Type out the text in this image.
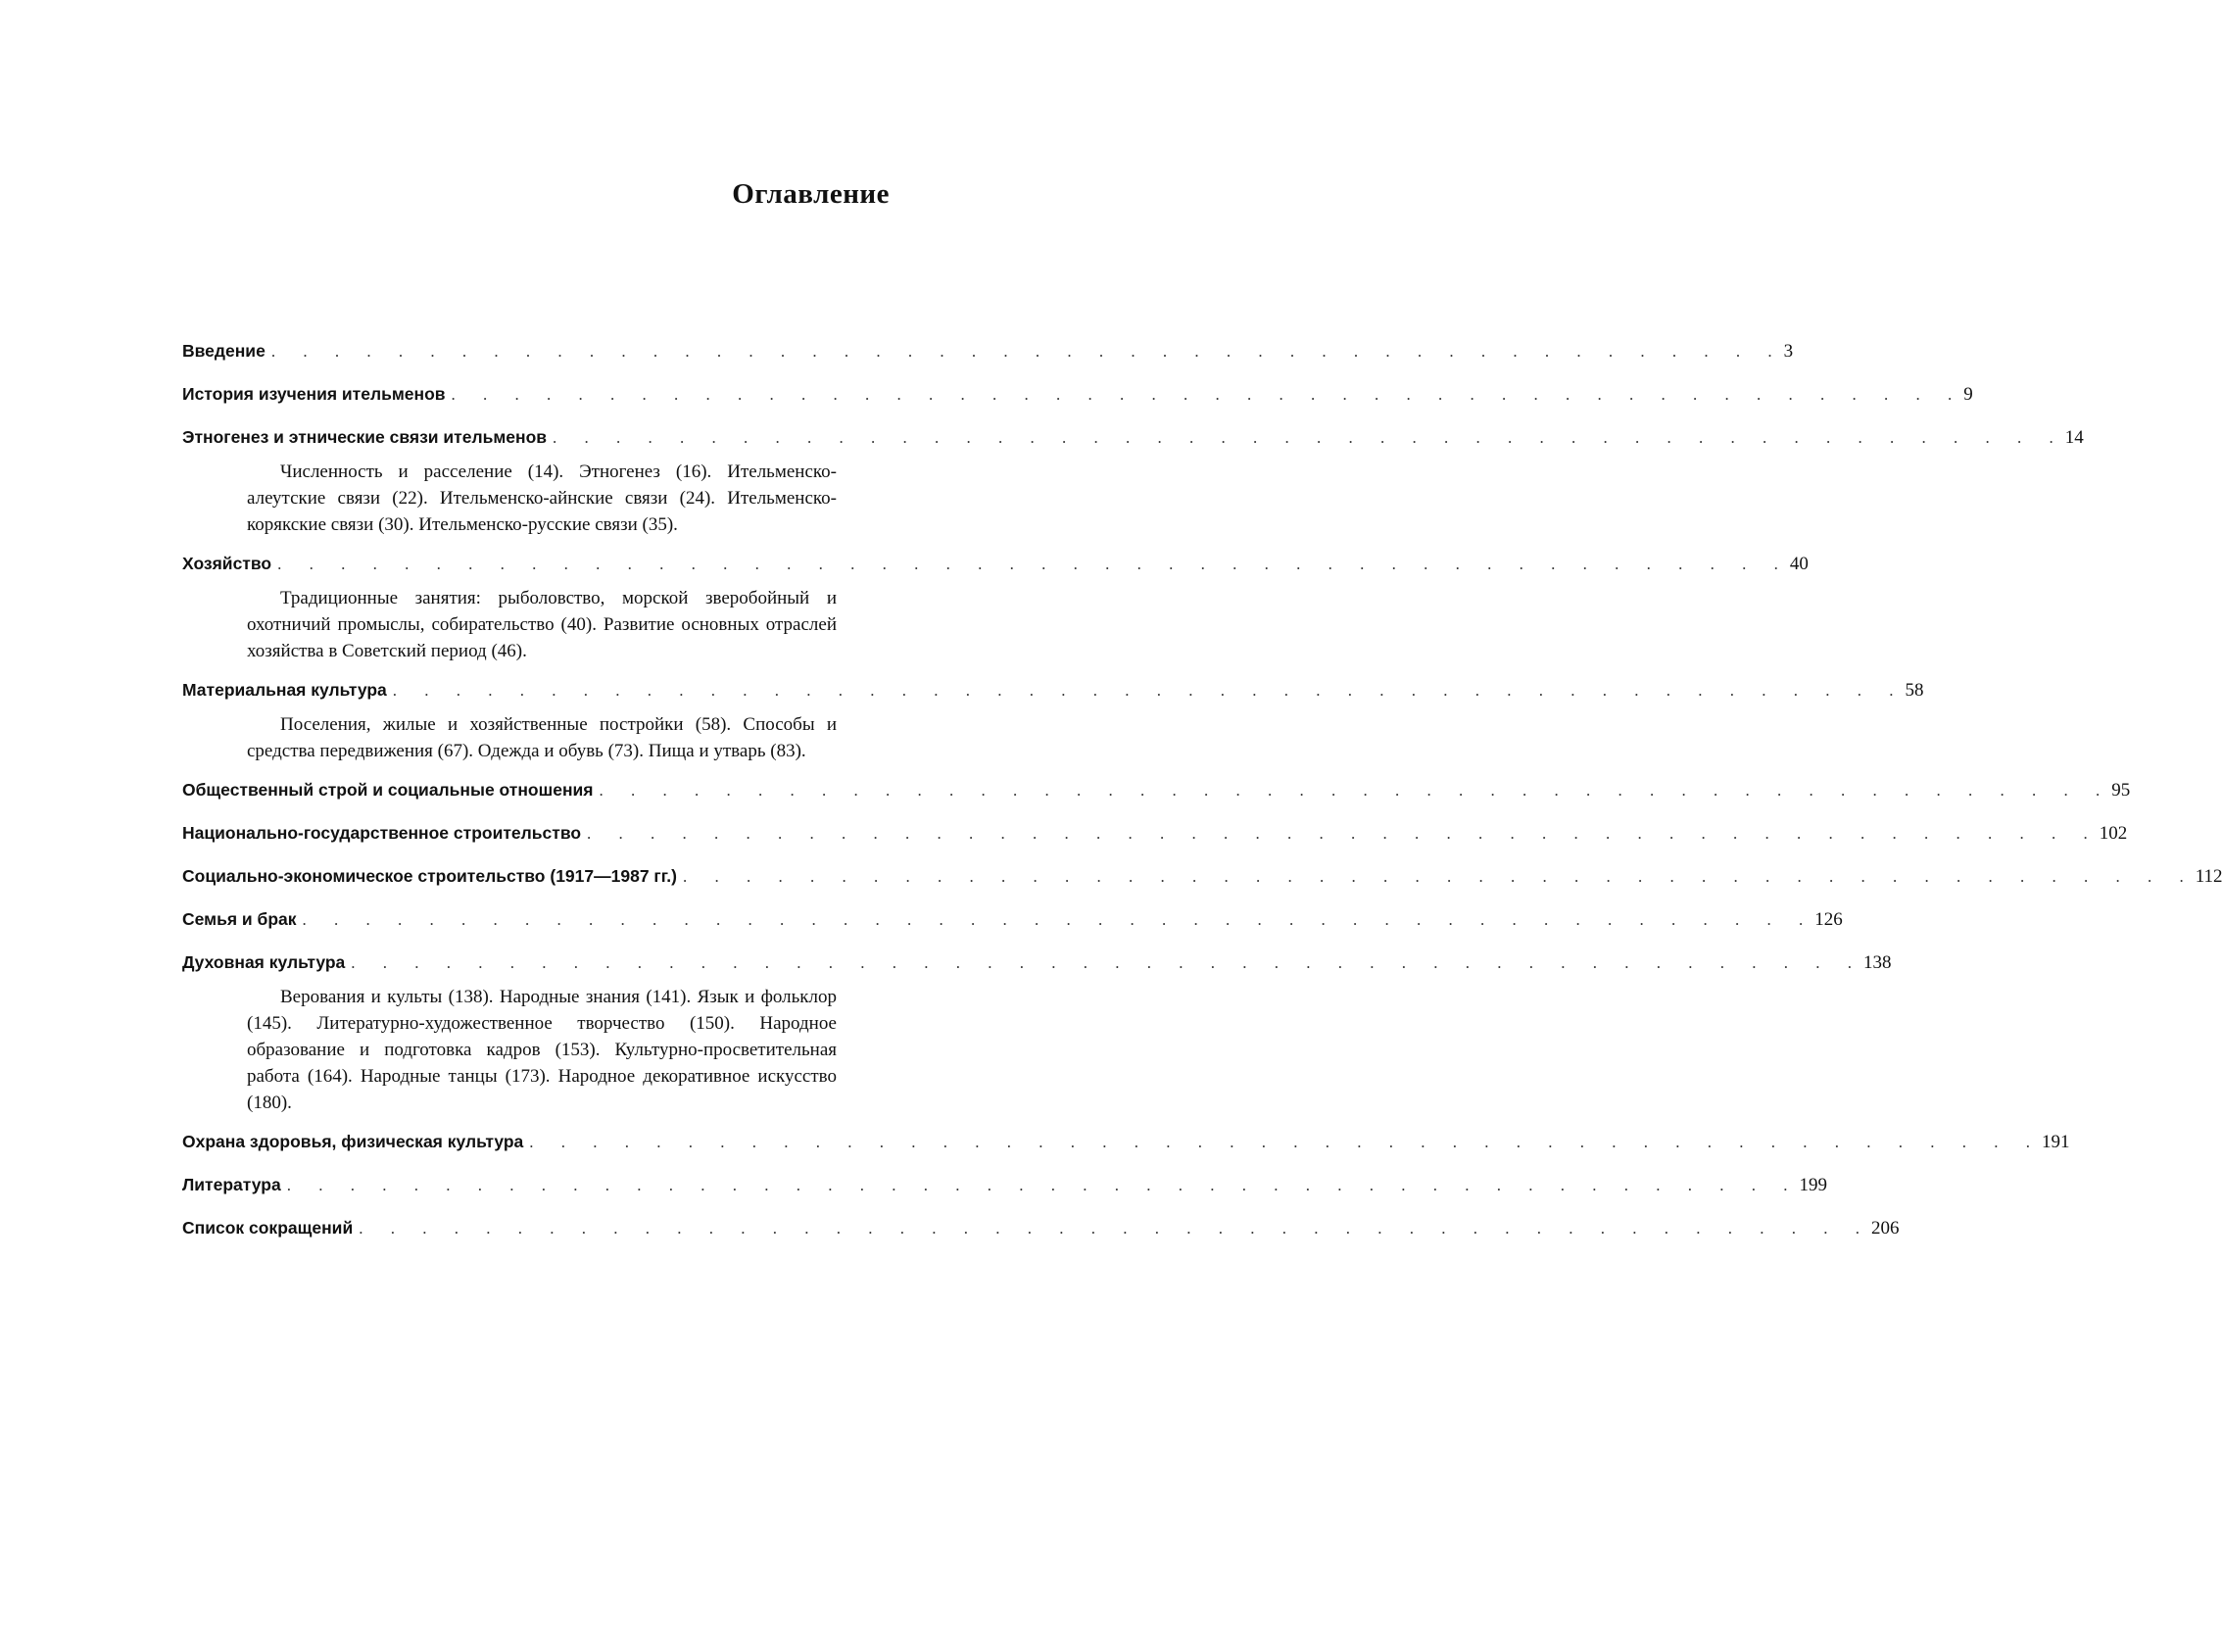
Оглавление
Введение . . . . . . . . . . . . . . . . . . . . . . . . . . . . . . . . . . . . . . . . . . . . . . . . 3
История изучения ительменов . . . . . . . . . . . . . . . . . . . . . . . . . . . . . . . . . . . . . . . . . . . . . . . . 9
Этногенез и этнические связи ительменов . . . . . . . . . . . . . . . . . . . . . . . . . . . . . . . . . . . . . . . . . . . . . . . . 14
Численность и расселение (14). Этногенез (16). Ительменско-алеутские связи (22). Ительменско-айнские связи (24). Ительменско-корякские связи (30). Ительменско-русские связи (35).
Хозяйство . . . . . . . . . . . . . . . . . . . . . . . . . . . . . . . . . . . . . . . . . . . . . . . . 40
Традиционные занятия: рыболовство, морской зверобойный и охотничий промыслы, собирательство (40). Развитие основных отраслей хозяйства в Советский период (46).
Материальная культура . . . . . . . . . . . . . . . . . . . . . . . . . . . . . . . . . . . . . . . . . . . . . . . . 58
Поселения, жилые и хозяйственные постройки (58). Способы и средства передвижения (67). Одежда и обувь (73). Пища и утварь (83).
Общественный строй и социальные отношения . . . . . . . . . . . . . . . . . . . . . . . . . . . . . . . . . . . . . . . . . . . . . . . . 95
Национально-государственное строительство . . . . . . . . . . . . . . . . . . . . . . . . . . . . . . . . . . . . . . . . . . . . . . . . 102
Социально-экономическое строительство (1917—1987 гг.) . . . . . . . . . . . . . . . . . . . . . . . . . . . . . . . . . . . . . . . . . . . . . . . . 112
Семья и брак . . . . . . . . . . . . . . . . . . . . . . . . . . . . . . . . . . . . . . . . . . . . . . . . 126
Духовная культура . . . . . . . . . . . . . . . . . . . . . . . . . . . . . . . . . . . . . . . . . . . . . . . . 138
Верования и культы (138). Народные знания (141). Язык и фольклор (145). Литературно-художественное творчество (150). Народное образование и подготовка кадров (153). Культурно-просветительная работа (164). Народные танцы (173). Народное декоративное искусство (180).
Охрана здоровья, физическая культура . . . . . . . . . . . . . . . . . . . . . . . . . . . . . . . . . . . . . . . . . . . . . . . . 191
Литература . . . . . . . . . . . . . . . . . . . . . . . . . . . . . . . . . . . . . . . . . . . . . . . . 199
Список сокращений . . . . . . . . . . . . . . . . . . . . . . . . . . . . . . . . . . . . . . . . . . . . . . . . 206
